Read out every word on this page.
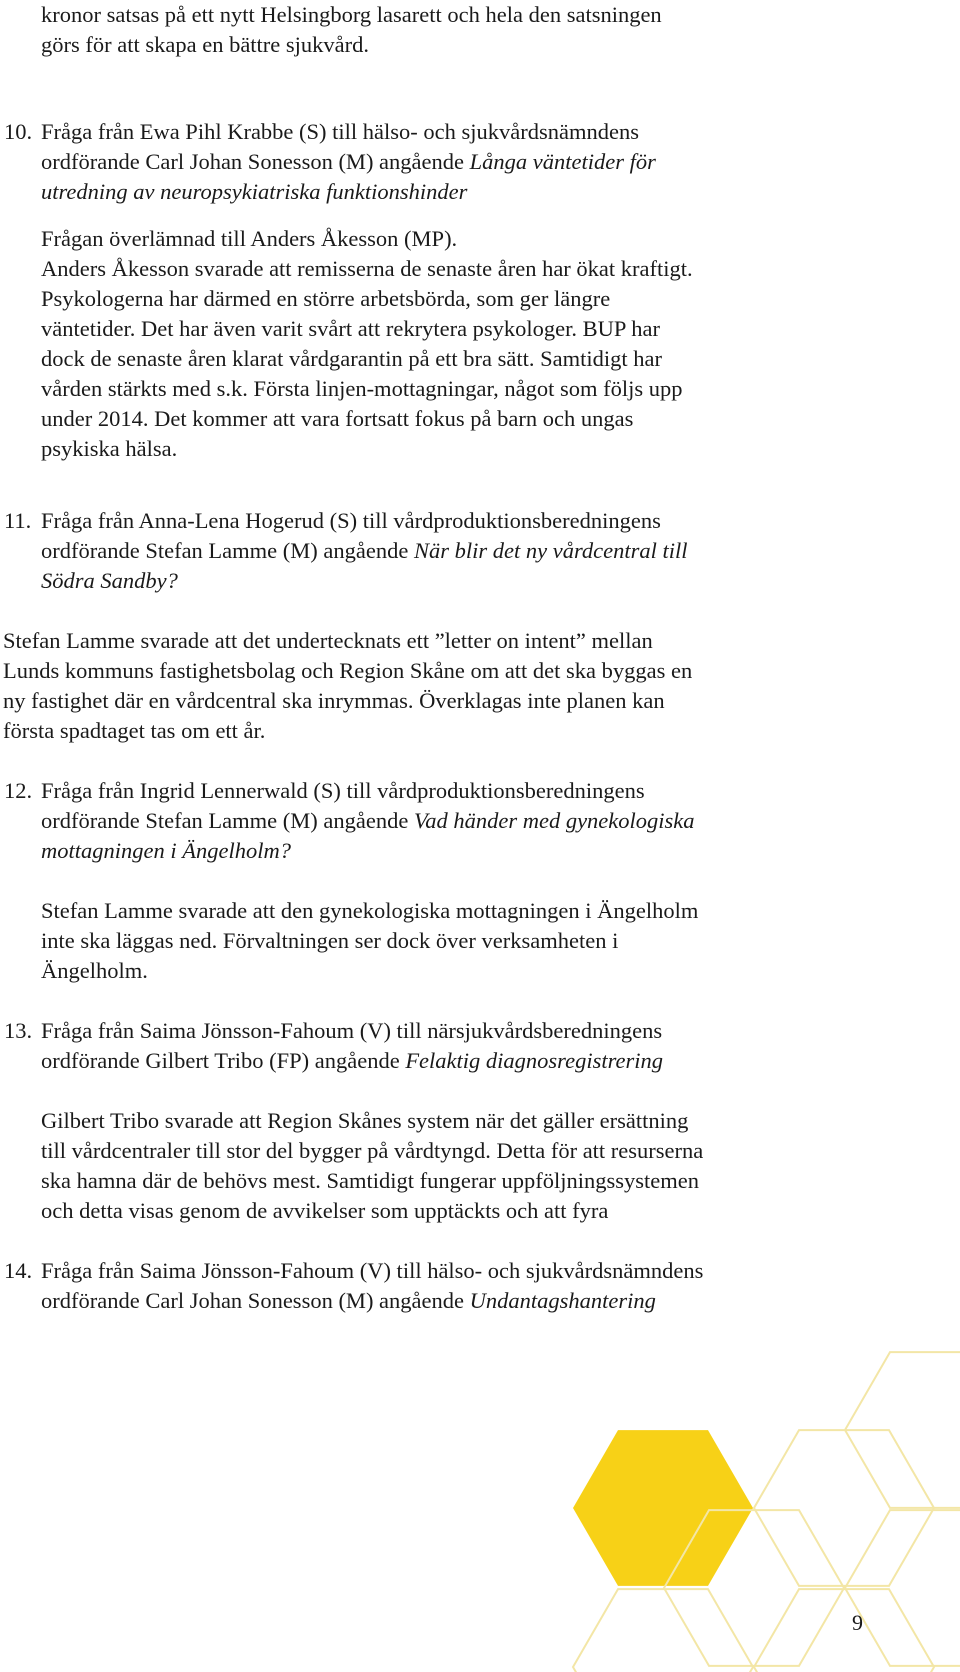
kronor satsas på ett nytt Helsingborg lasarett och hela den satsningen
görs för att skapa en bättre sjukvård.
10. Fråga från Ewa Pihl Krabbe (S) till hälso- och sjukvårdsnämndens
ordförande Carl Johan Sonesson (M) angående Långa väntetider för
utredning av neuropsykiatriska funktionshinder
Frågan överlämnad till Anders Åkesson (MP).
Anders Åkesson svarade att remisserna de senaste åren har ökat kraftigt.
Psykologerna har därmed en större arbetsbörda, som ger längre
väntetider. Det har även varit svårt att rekrytera psykologer. BUP har
dock de senaste åren klarat vårdgarantin på ett bra sätt. Samtidigt har
vården stärkts med s.k. Första linjen-mottagningar, något som följs upp
under 2014. Det kommer att vara fortsatt fokus på barn och ungas
psykiska hälsa.
11. Fråga från Anna-Lena Hogerud (S) till vårdproduktionsberedningens
ordförande Stefan Lamme (M) angående När blir det ny vårdcentral till
Södra Sandby?
Stefan Lamme svarade att det undertecknats ett ”letter on intent” mellan
Lunds kommuns fastighetsbolag och Region Skåne om att det ska byggas en
ny fastighet där en vårdcentral ska inrymmas. Överklagas inte planen kan
första spadtaget tas om ett år.
12. Fråga från Ingrid Lennerwald (S) till vårdproduktionsberedningens
ordförande Stefan Lamme (M) angående Vad händer med gynekologiska
mottagningen i Ängelholm?
Stefan Lamme svarade att den gynekologiska mottagningen i Ängelholm
inte ska läggas ned. Förvaltningen ser dock över verksamheten i
Ängelholm.
13. Fråga från Saima Jönsson-Fahoum (V) till närsjukvårdsberedningens
ordförande Gilbert Tribo (FP) angående Felaktig diagnosregistrering
Gilbert Tribo svarade att Region Skånes system när det gäller ersättning
till vårdcentraler till stor del bygger på vårdtyngd. Detta för att resurserna
ska hamna där de behövs mest. Samtidigt fungerar uppföljningssystemen
och detta visas genom de avvikelser som upptäckts och att fyra
14. Fråga från Saima Jönsson-Fahoum (V) till hälso- och sjukvårdsnämndens
ordförande Carl Johan Sonesson (M) angående Undantagshantering
9
